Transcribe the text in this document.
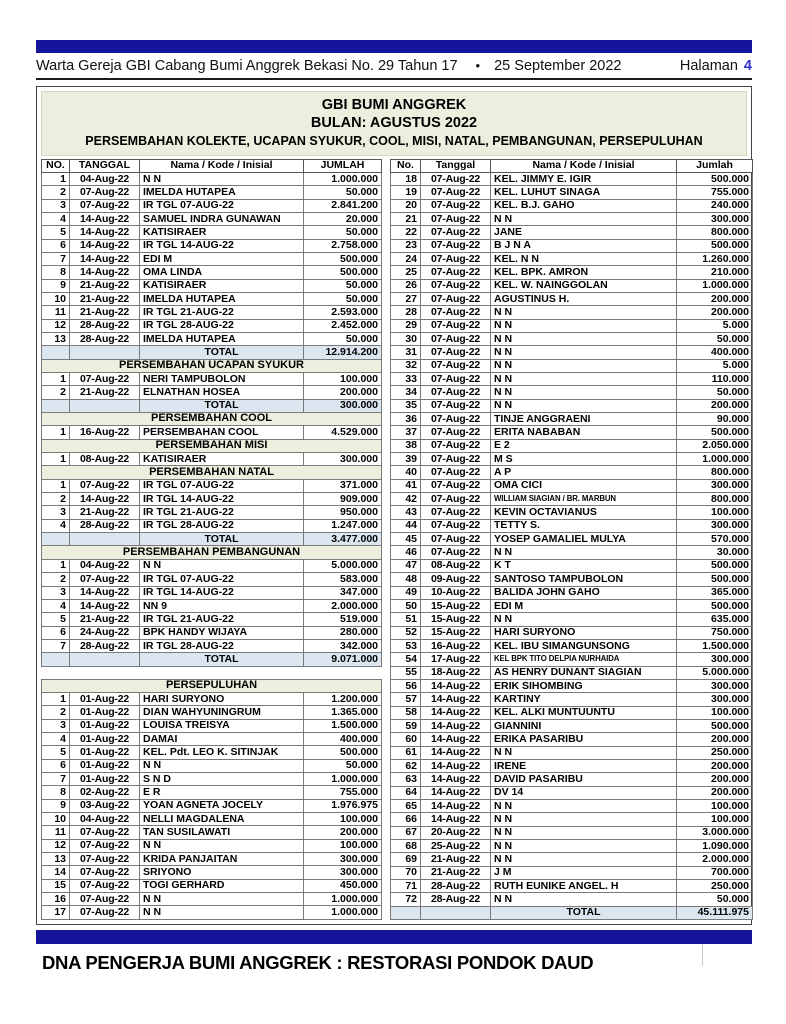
Warta Gereja GBI Cabang Bumi Anggrek Bekasi No. 29 Tahun 17 • 25 September 2022	Halaman 4
GBI BUMI ANGGREK
BULAN: AGUSTUS 2022
PERSEMBAHAN KOLEKTE, UCAPAN SYUKUR, COOL, MISI, NATAL, PEMBANGUNAN, PERSEPULUHAN
NO.	TANGGAL	Nama / Kode / Inisial	JUMLAH
1	04-Aug-22	N N	1.000.000
2	07-Aug-22	IMELDA HUTAPEA	50.000
3	07-Aug-22	IR TGL 07-AUG-22	2.841.200
4	14-Aug-22	SAMUEL INDRA GUNAWAN	20.000
5	14-Aug-22	KATISIRAER	50.000
6	14-Aug-22	IR TGL 14-AUG-22	2.758.000
7	14-Aug-22	EDI M	500.000
8	14-Aug-22	OMA LINDA	500.000
9	21-Aug-22	KATISIRAER	50.000
10	21-Aug-22	IMELDA HUTAPEA	50.000
11	21-Aug-22	IR TGL 21-AUG-22	2.593.000
12	28-Aug-22	IR TGL 28-AUG-22	2.452.000
13	28-Aug-22	IMELDA HUTAPEA	50.000
		TOTAL	12.914.200
PERSEMBAHAN UCAPAN SYUKUR			
1	07-Aug-22	NERI TAMPUBOLON	100.000
2	21-Aug-22	ELNATHAN HOSEA	200.000
		TOTAL	300.000
PERSEMBAHAN COOL			
1	16-Aug-22	PERSEMBAHAN COOL	4.529.000
PERSEMBAHAN MISI			
1	08-Aug-22	KATISIRAER	300.000
PERSEMBAHAN NATAL			
1	07-Aug-22	IR TGL 07-AUG-22	371.000
2	14-Aug-22	IR TGL 14-AUG-22	909.000
3	21-Aug-22	IR TGL 21-AUG-22	950.000
4	28-Aug-22	IR TGL 28-AUG-22	1.247.000
		TOTAL	3.477.000
PERSEMBAHAN PEMBANGUNAN			
1	04-Aug-22	N N	5.000.000
2	07-Aug-22	IR TGL 07-AUG-22	583.000
3	14-Aug-22	IR TGL 14-AUG-22	347.000
4	14-Aug-22	NN 9	2.000.000
5	21-Aug-22	IR TGL 21-AUG-22	519.000
6	24-Aug-22	BPK HANDY WIJAYA	280.000
7	28-Aug-22	IR TGL 28-AUG-22	342.000
		TOTAL	9.071.000
PERSEPULUHAN			
1	01-Aug-22	HARI SURYONO	1.200.000
2	01-Aug-22	DIAN WAHYUNINGRUM	1.365.000
3	01-Aug-22	LOUISA TREISYA	1.500.000
4	01-Aug-22	DAMAI	400.000
5	01-Aug-22	KEL. Pdt. LEO K. SITINJAK	500.000
6	01-Aug-22	N N	50.000
7	01-Aug-22	S N D	1.000.000
8	02-Aug-22	E R	755.000
9	03-Aug-22	YOAN AGNETA JOCELY	1.976.975
10	04-Aug-22	NELLI MAGDALENA	100.000
11	07-Aug-22	TAN SUSILAWATI	200.000
12	07-Aug-22	N N	100.000
13	07-Aug-22	KRIDA PANJAITAN	300.000
14	07-Aug-22	SRIYONO	300.000
15	07-Aug-22	TOGI GERHARD	450.000
16	07-Aug-22	N N	1.000.000
17	07-Aug-22	N N	1.000.000
No.	Tanggal	Nama / Kode / Inisial	Jumlah
18	07-Aug-22	KEL. JIMMY E. IGIR	500.000
19	07-Aug-22	KEL. LUHUT SINAGA	755.000
20	07-Aug-22	KEL. B.J. GAHO	240.000
21	07-Aug-22	N N	300.000
22	07-Aug-22	JANE	800.000
23	07-Aug-22	B J N A	500.000
24	07-Aug-22	KEL. N N	1.260.000
25	07-Aug-22	KEL. BPK. AMRON	210.000
26	07-Aug-22	KEL. W. NAINGGOLAN	1.000.000
27	07-Aug-22	AGUSTINUS H.	200.000
28	07-Aug-22	N N	200.000
29	07-Aug-22	N N	5.000
30	07-Aug-22	N N	50.000
31	07-Aug-22	N N	400.000
32	07-Aug-22	N N	5.000
33	07-Aug-22	N N	110.000
34	07-Aug-22	N N	50.000
35	07-Aug-22	N N	200.000
36	07-Aug-22	TINJE ANGGRAENI	90.000
37	07-Aug-22	ERITA NABABAN	500.000
38	07-Aug-22	E 2	2.050.000
39	07-Aug-22	M S	1.000.000
40	07-Aug-22	A P	800.000
41	07-Aug-22	OMA CICI	300.000
42	07-Aug-22	WILLIAM SIAGIAN / BR. MARBUN	800.000
43	07-Aug-22	KEVIN OCTAVIANUS	100.000
44	07-Aug-22	TETTY S.	300.000
45	07-Aug-22	YOSEP GAMALIEL MULYA	570.000
46	07-Aug-22	N N	30.000
47	08-Aug-22	K T	500.000
48	09-Aug-22	SANTOSO TAMPUBOLON	500.000
49	10-Aug-22	BALIDA JOHN GAHO	365.000
50	15-Aug-22	EDI M	500.000
51	15-Aug-22	N N	635.000
52	15-Aug-22	HARI SURYONO	750.000
53	16-Aug-22	KEL. IBU SIMANGUNSONG	1.500.000
54	17-Aug-22	KEL BPK TITO DELPIA NURHAIDA	300.000
55	18-Aug-22	AS HENRY DUNANT SIAGIAN	5.000.000
56	14-Aug-22	ERIK SIHOMBING	300.000
57	14-Aug-22	KARTINY	300.000
58	14-Aug-22	KEL. ALKI MUNTUUNTU	100.000
59	14-Aug-22	GIANNINI	500.000
60	14-Aug-22	ERIKA PASARIBU	200.000
61	14-Aug-22	N N	250.000
62	14-Aug-22	IRENE	200.000
63	14-Aug-22	DAVID PASARIBU	200.000
64	14-Aug-22	DV 14	200.000
65	14-Aug-22	N N	100.000
66	14-Aug-22	N N	100.000
67	20-Aug-22	N N	3.000.000
68	25-Aug-22	N N	1.090.000
69	21-Aug-22	N N	2.000.000
70	21-Aug-22	J M	700.000
71	28-Aug-22	RUTH EUNIKE ANGEL. H	250.000
72	28-Aug-22	N N	50.000
		TOTAL	45.111.975
DNA PENGERJA BUMI ANGGREK : RESTORASI PONDOK DAUD
